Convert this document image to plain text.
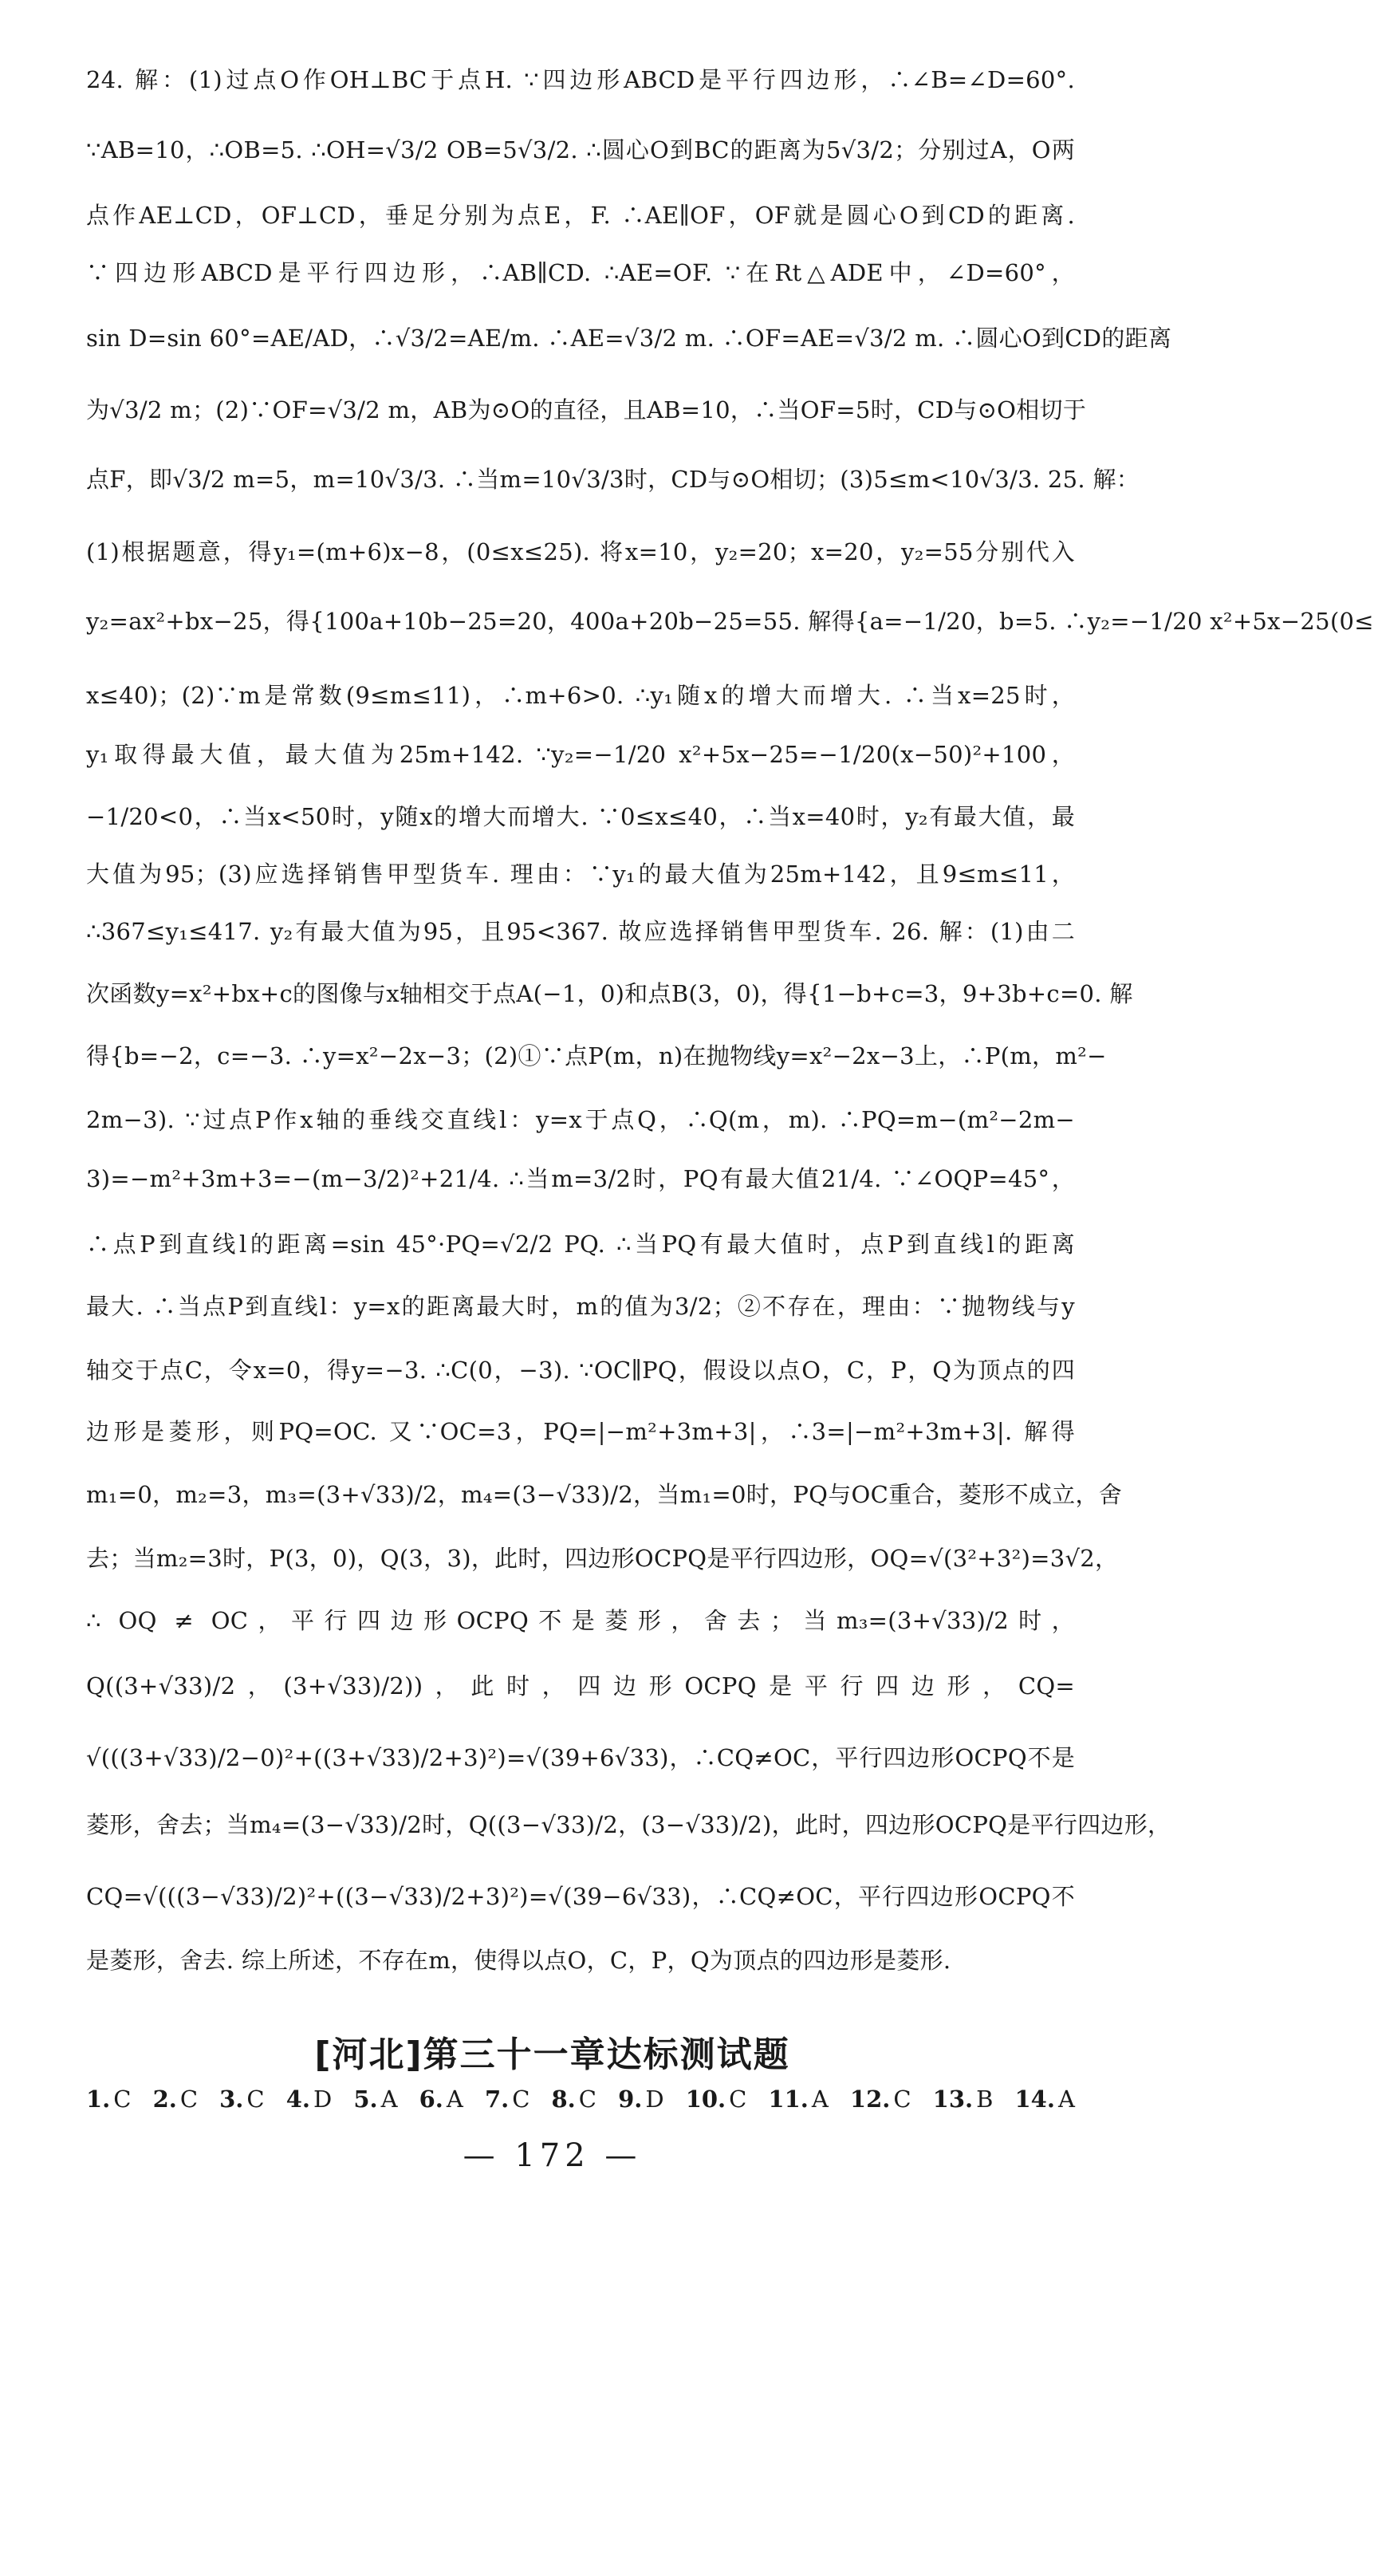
24. 解：(1)过点O作OH⊥BC于点H. ∵四边形ABCD是平行四边形，∴∠B=∠D=60°.
∵AB=10，∴OB=5. ∴OH=√3/2 OB=5√3/2. ∴圆心O到BC的距离为5√3/2；分别过A，O两
点作AE⊥CD，OF⊥CD，垂足分别为点E，F. ∴AE∥OF，OF就是圆心O到CD的距离.
∵四边形ABCD是平行四边形，∴AB∥CD. ∴AE=OF. ∵在Rt△ADE中，∠D=60°，
sin D=sin 60°=AE/AD，∴√3/2=AE/m. ∴AE=√3/2 m. ∴OF=AE=√3/2 m. ∴圆心O到CD的距离
为√3/2 m；(2)∵OF=√3/2 m，AB为⊙O的直径，且AB=10，∴当OF=5时，CD与⊙O相切于
点F，即√3/2 m=5，m=10√3/3. ∴当m=10√3/3时，CD与⊙O相切；(3)5≤m<10√3/3. 25. 解：
(1)根据题意，得y₁=(m+6)x−8，(0≤x≤25). 将x=10，y₂=20；x=20，y₂=55分别代入
y₂=ax²+bx−25，得{100a+10b−25=20，400a+20b−25=55. 解得{a=−1/20，b=5. ∴y₂=−1/20 x²+5x−25(0≤
x≤40)；(2)∵m是常数(9≤m≤11)，∴m+6>0. ∴y₁随x的增大而增大. ∴当x=25时，
y₁取得最大值，最大值为25m+142. ∵y₂=−1/20 x²+5x−25=−1/20(x−50)²+100，
−1/20<0，∴当x<50时，y随x的增大而增大. ∵0≤x≤40，∴当x=40时，y₂有最大值，最
大值为95；(3)应选择销售甲型货车. 理由：∵y₁的最大值为25m+142，且9≤m≤11，
∴367≤y₁≤417. y₂有最大值为95，且95<367. 故应选择销售甲型货车. 26. 解：(1)由二
次函数y=x²+bx+c的图像与x轴相交于点A(−1，0)和点B(3，0)，得{1−b+c=3，9+3b+c=0. 解
得{b=−2，c=−3. ∴y=x²−2x−3；(2)①∵点P(m，n)在抛物线y=x²−2x−3上，∴P(m，m²−
2m−3). ∵过点P作x轴的垂线交直线l：y=x于点Q，∴Q(m，m). ∴PQ=m−(m²−2m−
3)=−m²+3m+3=−(m−3/2)²+21/4. ∴当m=3/2时，PQ有最大值21/4. ∵∠OQP=45°，
∴点P到直线l的距离=sin 45°·PQ=√2/2 PQ. ∴当PQ有最大值时，点P到直线l的距离
最大. ∴当点P到直线l：y=x的距离最大时，m的值为3/2；②不存在，理由：∵抛物线与y
轴交于点C，令x=0，得y=−3. ∴C(0，−3). ∵OC∥PQ，假设以点O，C，P，Q为顶点的四
边形是菱形，则PQ=OC. 又∵OC=3，PQ=|−m²+3m+3|，∴3=|−m²+3m+3|. 解得
m₁=0，m₂=3，m₃=(3+√33)/2，m₄=(3−√33)/2，当m₁=0时，PQ与OC重合，菱形不成立，舍
去；当m₂=3时，P(3，0)，Q(3，3)，此时，四边形OCPQ是平行四边形，OQ=√(3²+3²)=3√2，
∴ OQ ≠ OC，平行四边形OCPQ不是菱形，舍去；当m₃=(3+√33)/2时，
Q((3+√33)/2，(3+√33)/2))，此时，四边形OCPQ是平行四边形，CQ=
√(((3+√33)/2−0)²+((3+√33)/2+3)²)=√(39+6√33)，∴CQ≠OC，平行四边形OCPQ不是
菱形，舍去；当m₄=(3−√33)/2时，Q((3−√33)/2，(3−√33)/2)，此时，四边形OCPQ是平行四边形，
CQ=√(((3−√33)/2)²+((3−√33)/2+3)²)=√(39−6√33)，∴CQ≠OC，平行四边形OCPQ不
是菱形，舍去. 综上所述，不存在m，使得以点O，C，P，Q为顶点的四边形是菱形.
[河北]第三十一章达标测试题
1. C 2. C 3. C 4. D 5. A 6. A 7. C 8. C 9. D 10. C 11. A 12. C 13. B 14. A
— 172 —
